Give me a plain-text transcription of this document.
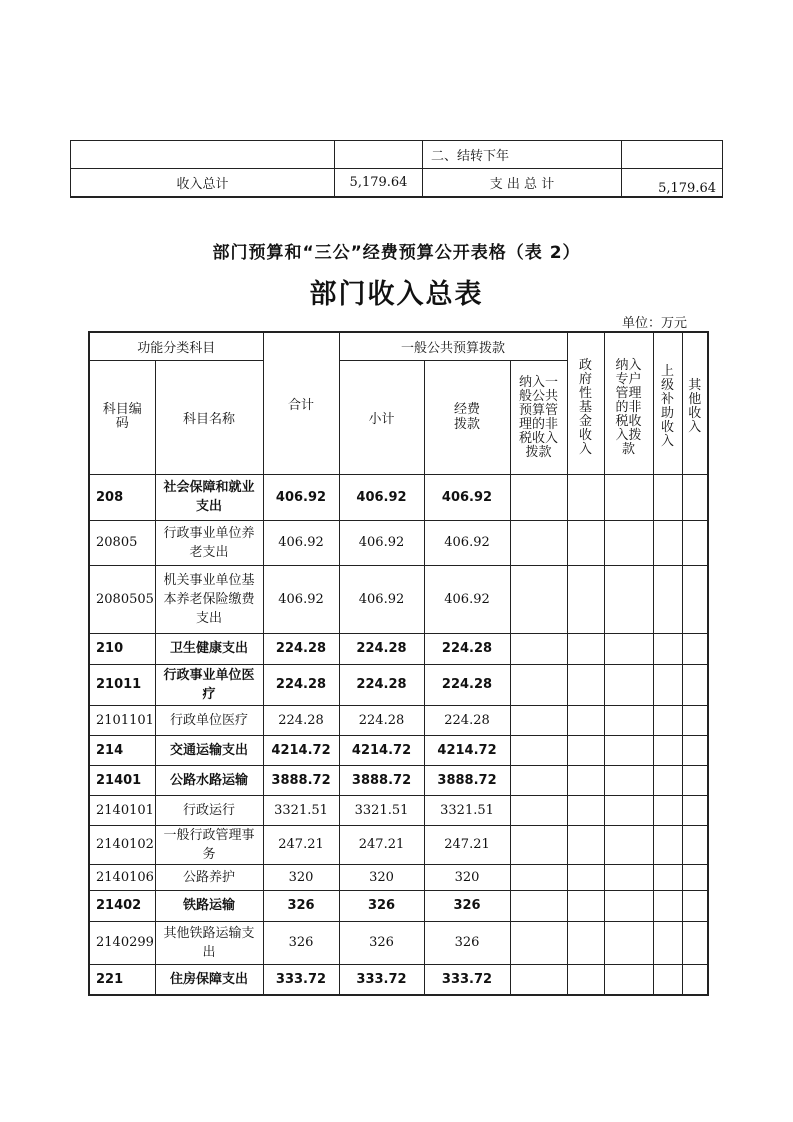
		二、结转下年	
收入总计	5,179.64	支 出 总 计	5,179.64
部门预算和“三公”经费预算公开表格（表 2）
部门收入总表
单位：万元
功能分类科目		合计	一般公共预算拨款			政府性基金收入	纳入专户管理的非税收入拨款	上级补助收入	其他收入
科目编码	科目名称		小计	经费拨款	纳入一般公共预算管理的非税收入拨款				
208	社会保障和就业支出	406.92	406.92	406.92					
20805	行政事业单位养老支出	406.92	406.92	406.92					
2080505	机关事业单位基本养老保险缴费支出	406.92	406.92	406.92					
210	卫生健康支出	224.28	224.28	224.28					
21011	行政事业单位医疗	224.28	224.28	224.28					
2101101	行政单位医疗	224.28	224.28	224.28					
214	交通运输支出	4214.72	4214.72	4214.72					
21401	公路水路运输	3888.72	3888.72	3888.72					
2140101	行政运行	3321.51	3321.51	3321.51					
2140102	一般行政管理事务	247.21	247.21	247.21					
2140106	公路养护	320	320	320					
21402	铁路运输	326	326	326					
2140299	其他铁路运输支出	326	326	326					
221	住房保障支出	333.72	333.72	333.72					
